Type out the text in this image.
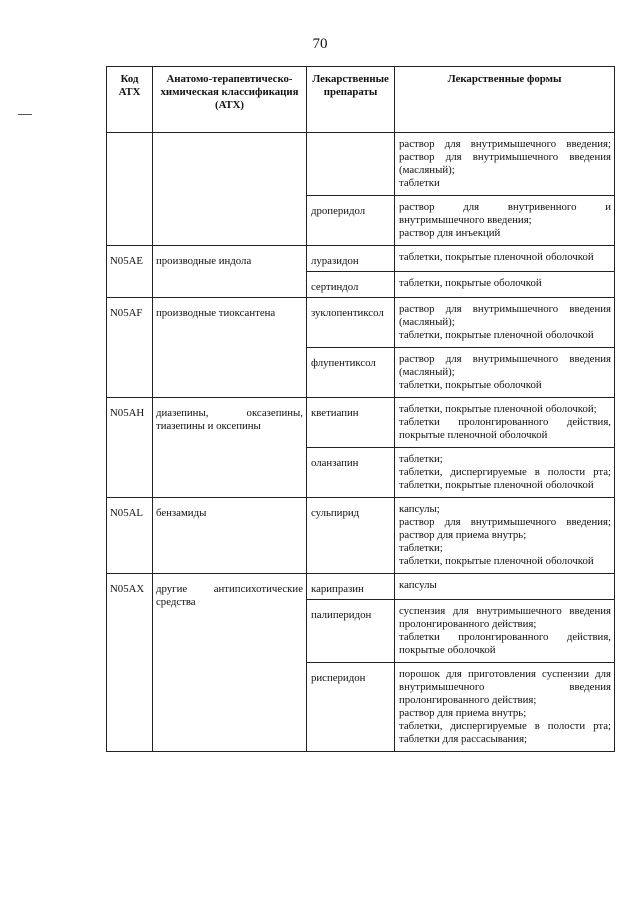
70
Код АТХ	Анатомо-терапевтическо-химическая классификация (АТХ)	Лекарственные препараты	Лекарственные формы

			раствор для внутримышечного введения;
раствор для внутримышечного введения (масляный);
таблетки

		дроперидол	раствор для внутривенного и внутримышечного введения;
раствор для инъекций

N05AE	производные индола	луразидон	таблетки, покрытые пленочной оболочкой

		сертиндол	таблетки, покрытые оболочкой

N05AF	производные тиоксантена	зуклопентиксол	раствор для внутримышечного введения (масляный);
таблетки, покрытые пленочной оболочкой

		флупентиксол	раствор для внутримышечного введения (масляный);
таблетки, покрытые оболочкой

N05AH	диазепины, оксазепины, тиазепины и оксепины	кветиапин	таблетки, покрытые пленочной оболочкой;
таблетки пролонгированного действия, покрытые пленочной оболочкой

		оланзапин	таблетки;
таблетки, диспергируемые в полости рта;
таблетки, покрытые пленочной оболочкой

N05AL	бензамиды	сульпирид	капсулы;
раствор для внутримышечного введения;
раствор для приема внутрь;
таблетки;
таблетки, покрытые пленочной оболочкой

N05AX	другие антипсихотические средства	карипразин	капсулы

		палиперидон	суспензия для внутримышечного введения пролонгированного действия;
таблетки пролонгированного действия, покрытые оболочкой

		рисперидон	порошок для приготовления суспензии для внутримышечного введения пролонгированного действия;
раствор для приема внутрь;
таблетки, диспергируемые в полости рта;
таблетки для рассасывания;
